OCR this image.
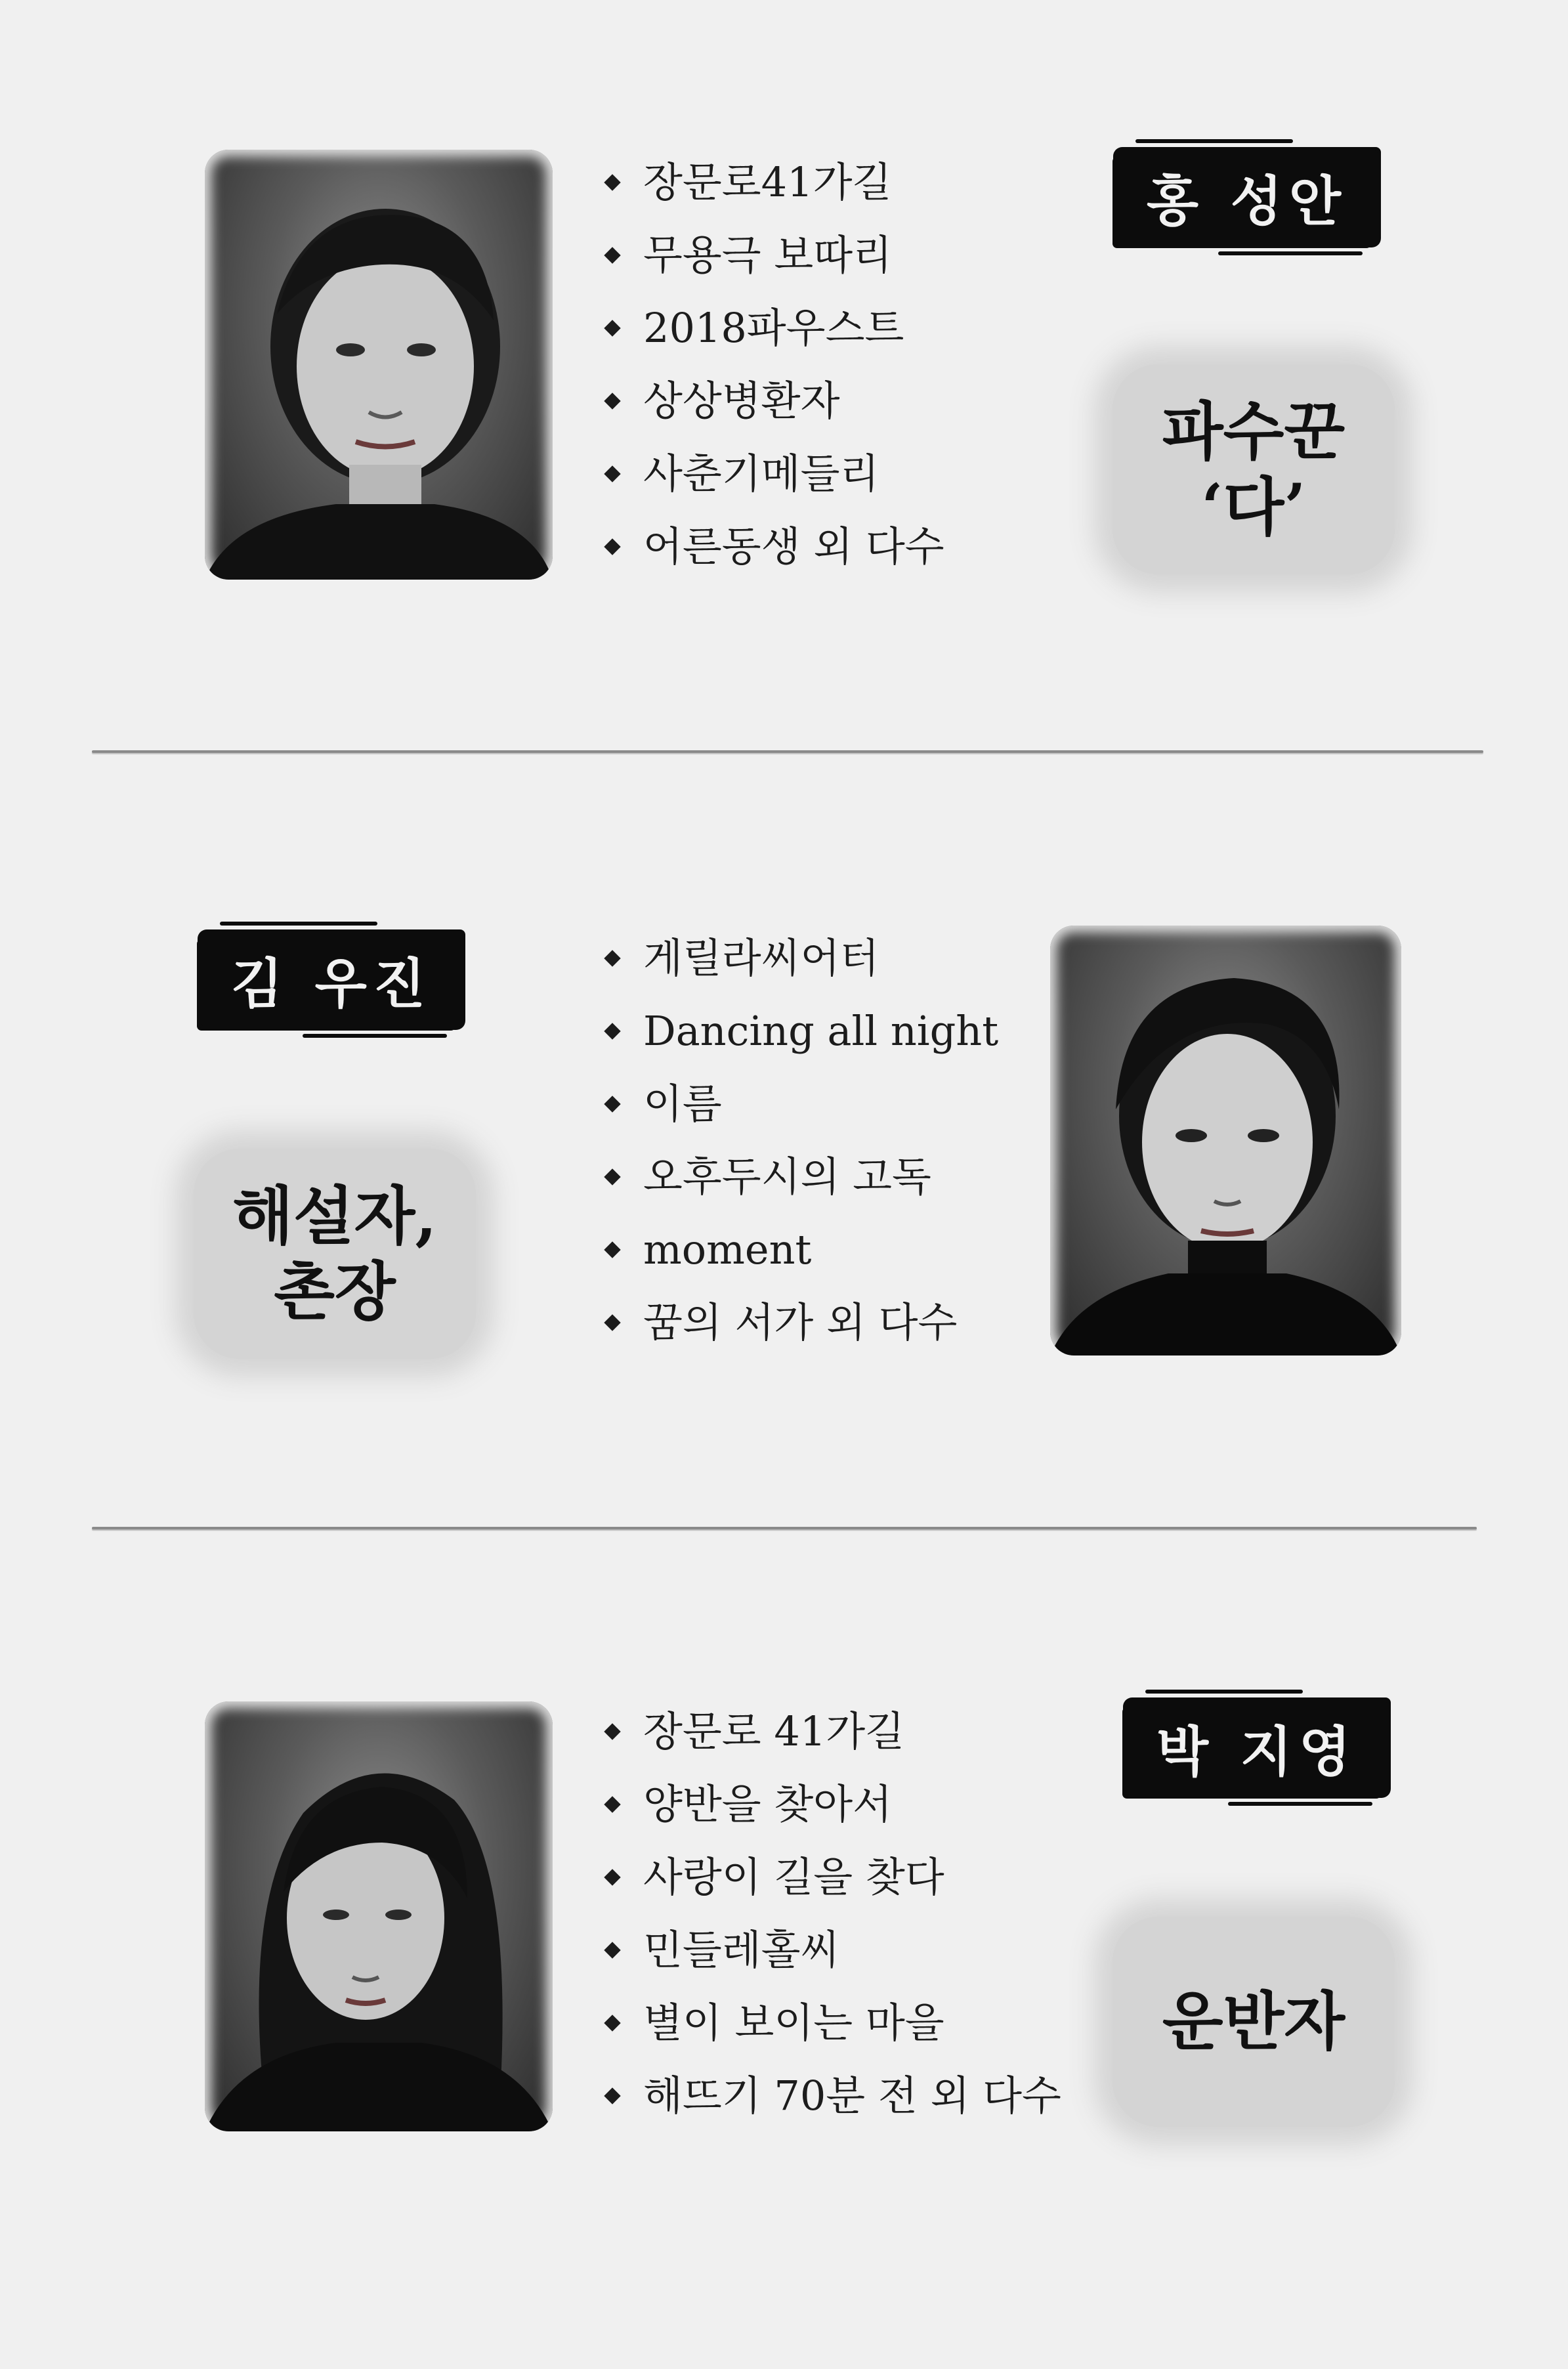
장문로41가길
무용극 보따리
2018파우스트
상상병환자
사춘기메들리
어른동생 외 다수
홍 성안
파수꾼
‘다’
김 우진
해설자,
촌장
게릴라씨어터
Dancing all night
이름
오후두시의 고독
moment
꿈의 서가 외 다수
장문로 41가길
양반을 찾아서
사랑이 길을 찾다
민들레홀씨
별이 보이는 마을
해뜨기 70분 전 외 다수
박 지영
운반자
